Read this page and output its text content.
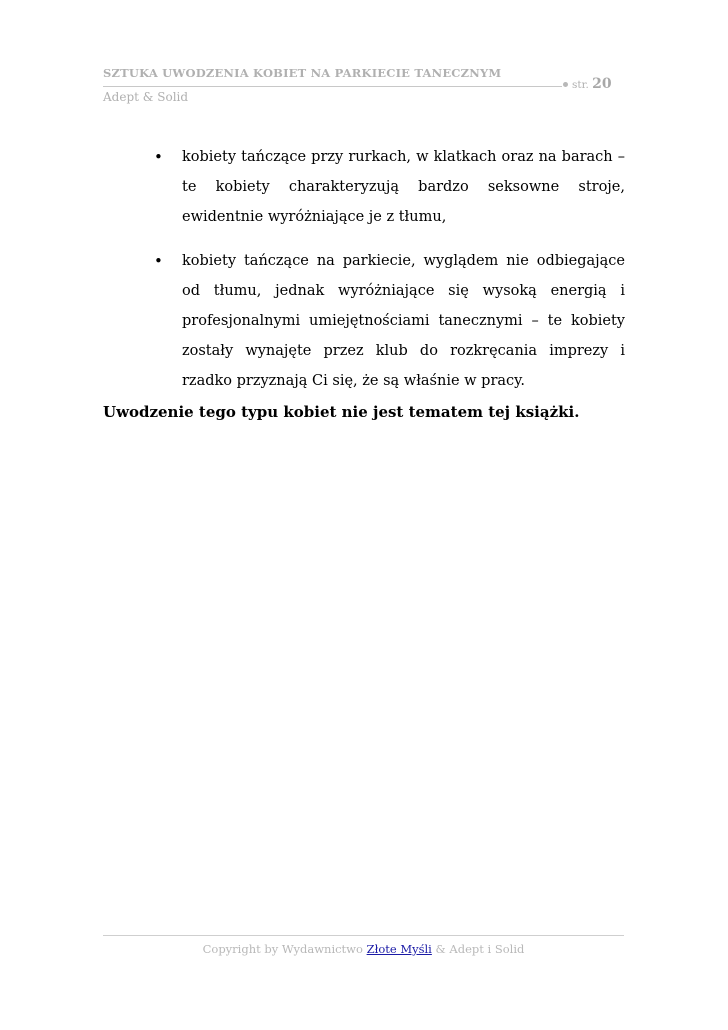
SZTUKA UWODZENIA KOBIET NA PARKIECIE TANECZNYM
str. 20
Adept & Solid
• kobiety tańczące przy rurkach, w klatkach oraz na barach – te kobiety charakteryzują bardzo seksowne stroje, ewidentnie wyróżniające je z tłumu,
• kobiety tańczące na parkiecie, wyglądem nie odbiegające od tłumu, jednak wyróżniające się wysoką energią i profesjonalnymi umiejętnościami tanecznymi – te kobiety zostały wynajęte przez klub do rozkręcania imprezy i rzadko przyznają Ci się, że są właśnie w pracy.
Uwodzenie tego typu kobiet nie jest tematem tej książki.
Copyright by Wydawnictwo Złote Myśli & Adept i Solid
